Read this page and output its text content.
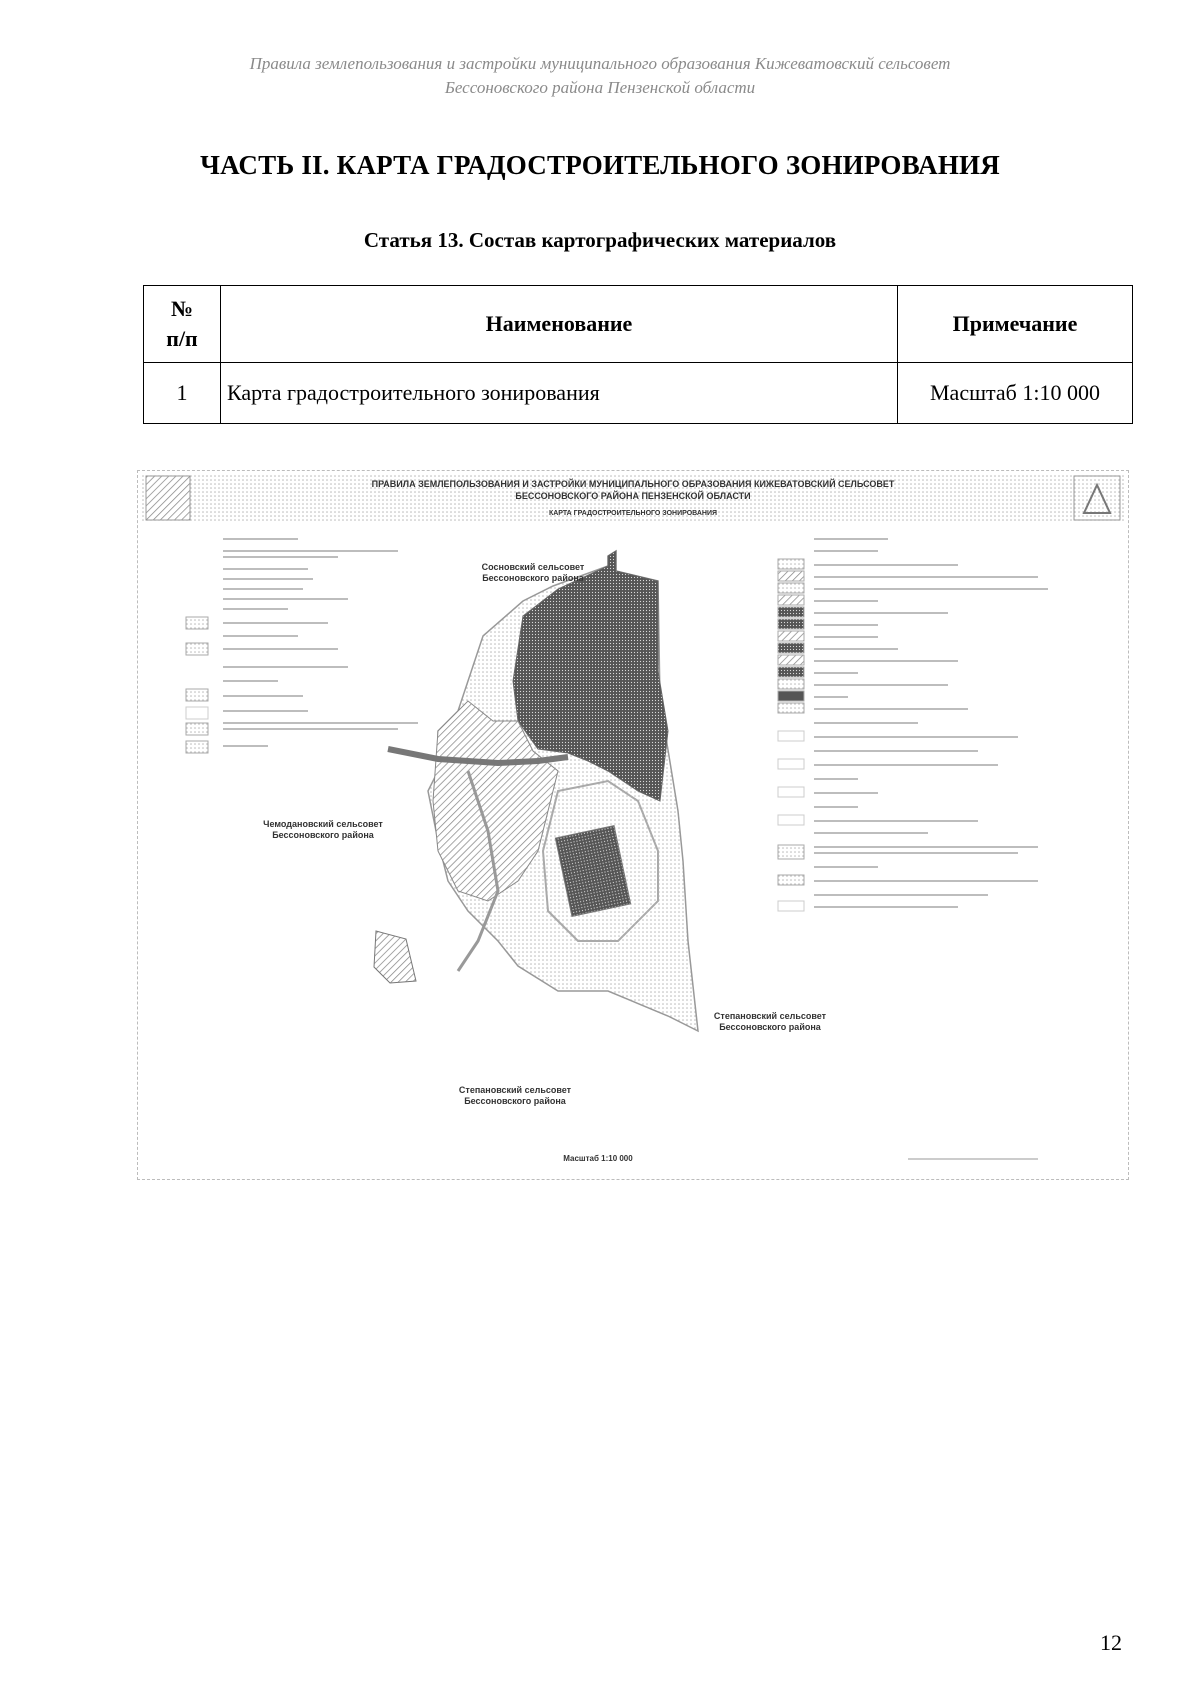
Правила землепользования и застройки муниципального образования Кижеватовский сельсовет
Бессоновского района Пензенской области
ЧАСТЬ II. КАРТА ГРАДОСТРОИТЕЛЬНОГО ЗОНИРОВАНИЯ
Статья 13. Состав картографических материалов
№
п/п	Наименование	Примечание
1	Карта градостроительного зонирования	Масштаб 1:10 000
ПРАВИЛА ЗЕМЛЕПОЛЬЗОВАНИЯ И ЗАСТРОЙКИ МУНИЦИПАЛЬНОГО ОБРАЗОВАНИЯ КИЖЕВАТОВСКИЙ СЕЛЬСОВЕТ
БЕССОНОВСКОГО РАЙОНА ПЕНЗЕНСКОЙ ОБЛАСТИ
КАРТА ГРАДОСТРОИТЕЛЬНОГО ЗОНИРОВАНИЯ
Сосновский сельсовет
Бессоновского района
Чемодановский сельсовет
Бессоновского района
Степановский сельсовет
Бессоновского района
Степановский сельсовет
Бессоновского района
Масштаб 1:10 000
12
